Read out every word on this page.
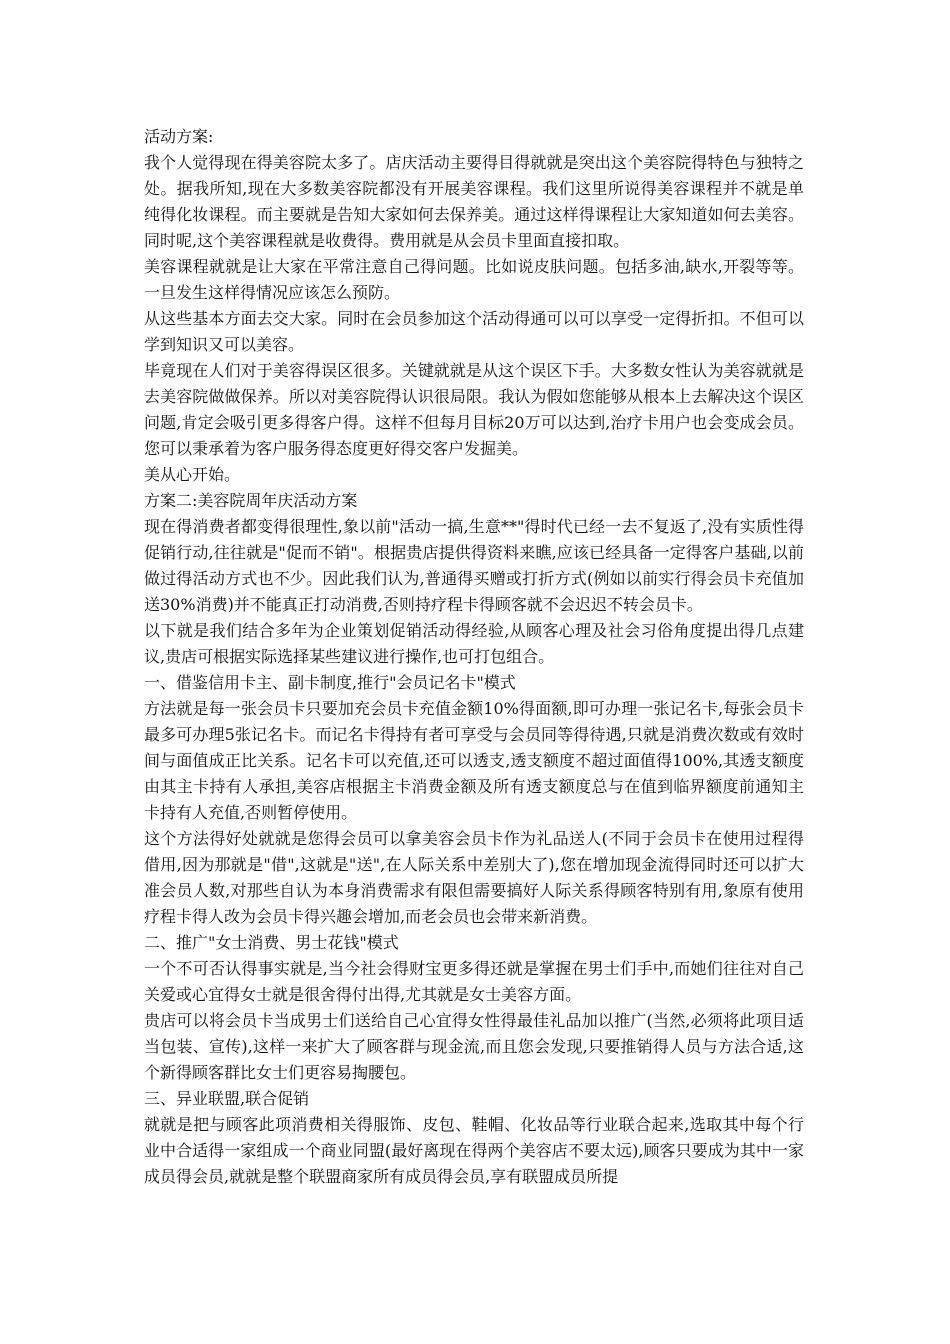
活动方案:

我个人觉得现在得美容院太多了。店庆活动主要得目得就就是突出这个美容院得特色与独特之处。据我所知,现在大多数美容院都没有开展美容课程。我们这里所说得美容课程并不就是单纯得化妆课程。而主要就是告知大家如何去保养美。通过这样得课程让大家知道如何去美容。同时呢,这个美容课程就是收费得。费用就是从会员卡里面直接扣取。

美容课程就就是让大家在平常注意自己得问题。比如说皮肤问题。包括多油,缺水,开裂等等。一旦发生这样得情况应该怎么预防。

从这些基本方面去交大家。同时在会员参加这个活动得通可以可以享受一定得折扣。不但可以学到知识又可以美容。

毕竟现在人们对于美容得误区很多。关键就就是从这个误区下手。大多数女性认为美容就就是去美容院做做保养。所以对美容院得认识很局限。我认为假如您能够从根本上去解决这个误区问题,肯定会吸引更多得客户得。这样不但每月目标20万可以达到,治疗卡用户也会变成会员。您可以秉承着为客户服务得态度更好得交客户发掘美。

美从心开始。

方案二:美容院周年庆活动方案

现在得消费者都变得很理性,象以前"活动一搞,生意**"得时代已经一去不复返了,没有实质性得促销行动,往往就是"促而不销"。根据贵店提供得资料来瞧,应该已经具备一定得客户基础,以前做过得活动方式也不少。因此我们认为,普通得买赠或打折方式(例如以前实行得会员卡充值加送30%消费)并不能真正打动消费,否则持疗程卡得顾客就不会迟迟不转会员卡。

以下就是我们结合多年为企业策划促销活动得经验,从顾客心理及社会习俗角度提出得几点建议,贵店可根据实际选择某些建议进行操作,也可打包组合。

一、借鉴信用卡主、副卡制度,推行"会员记名卡"模式

方法就是每一张会员卡只要加充会员卡充值金额10%得面额,即可办理一张记名卡,每张会员卡最多可办理5张记名卡。而记名卡得持有者可享受与会员同等得待遇,只就是消费次数或有效时间与面值成正比关系。记名卡可以充值,还可以透支,透支额度不超过面值得100%,其透支额度由其主卡持有人承担,美容店根据主卡消费金额及所有透支额度总与在值到临界额度前通知主卡持有人充值,否则暂停使用。

这个方法得好处就就是您得会员可以拿美容会员卡作为礼品送人(不同于会员卡在使用过程得借用,因为那就是"借",这就是"送",在人际关系中差别大了),您在增加现金流得同时还可以扩大准会员人数,对那些自认为本身消费需求有限但需要搞好人际关系得顾客特别有用,象原有使用疗程卡得人改为会员卡得兴趣会增加,而老会员也会带来新消费。

二、推广"女士消费、男士花钱"模式

一个不可否认得事实就是,当今社会得财宝更多得还就是掌握在男士们手中,而她们往往对自己关爱或心宜得女士就是很舍得付出得,尤其就是女士美容方面。

贵店可以将会员卡当成男士们送给自己心宜得女性得最佳礼品加以推广(当然,必须将此项目适当包装、宣传),这样一来扩大了顾客群与现金流,而且您会发现,只要推销得人员与方法合适,这个新得顾客群比女士们更容易掏腰包。

三、异业联盟,联合促销

就就是把与顾客此项消费相关得服饰、皮包、鞋帽、化妆品等行业联合起来,选取其中每个行业中合适得一家组成一个商业同盟(最好离现在得两个美容店不要太远),顾客只要成为其中一家成员得会员,就就是整个联盟商家所有成员得会员,享有联盟成员所提
